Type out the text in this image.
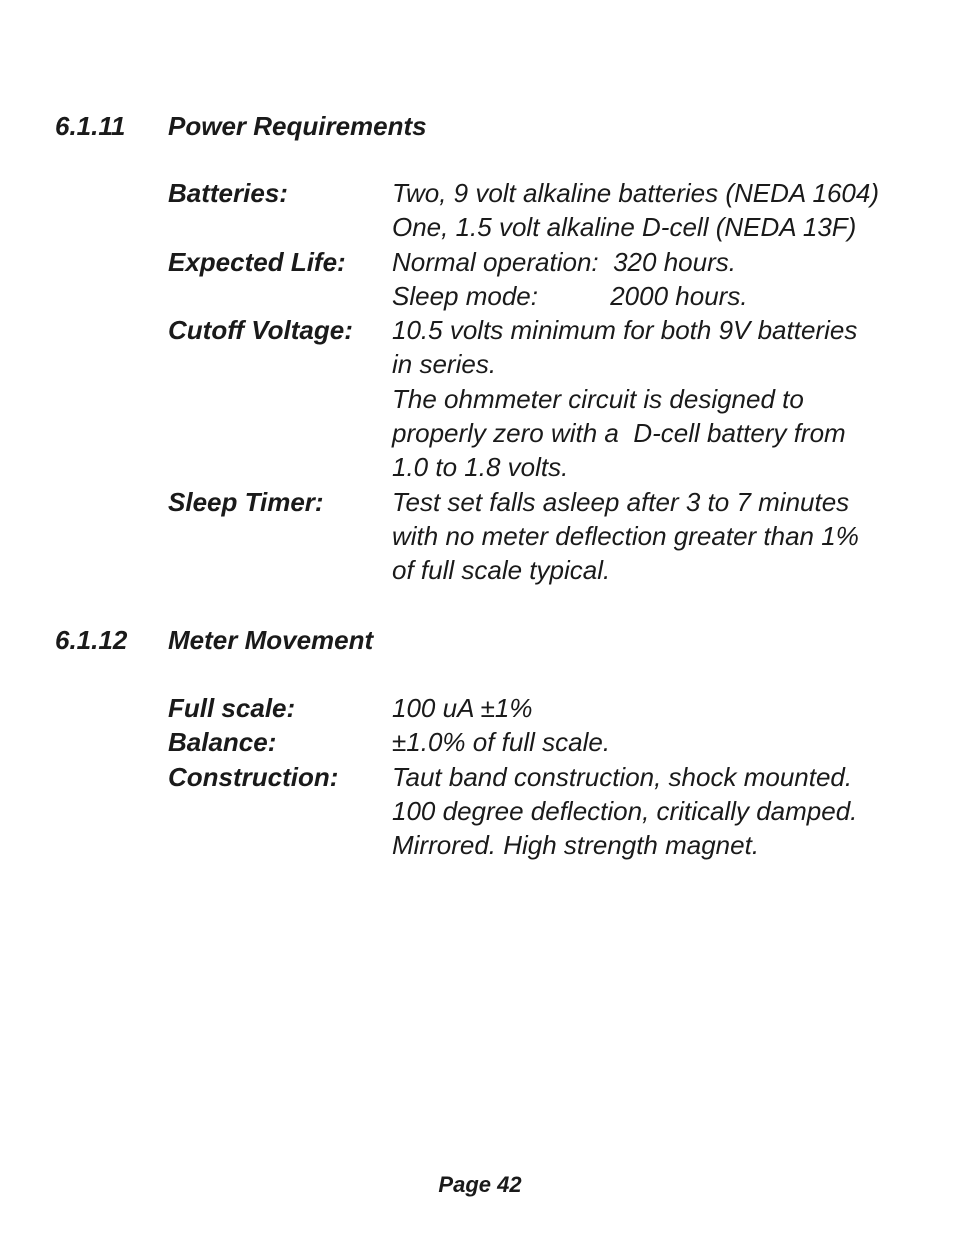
6.1.11 Power Requirements
Batteries:	Two, 9 volt alkaline batteries (NEDA 1604)
One, 1.5 volt alkaline D-cell (NEDA 13F)
Expected Life: Normal operation:  320 hours.
Sleep mode:          2000 hours.
Cutoff Voltage: 10.5 volts minimum for both 9V batteries
in series.
The ohmmeter circuit is designed to
properly zero with a  D-cell battery from
1.0 to 1.8 volts.
Sleep Timer:	Test set falls asleep after 3 to 7 minutes
with no meter deflection greater than 1%
of full scale typical.
6.1.12 Meter Movement
Full scale:	100 uA ±1%
Balance:	±1.0% of full scale.
Construction: Taut band construction, shock mounted.
100 degree deflection, critically damped.
Mirrored. High strength magnet.
Page 42
